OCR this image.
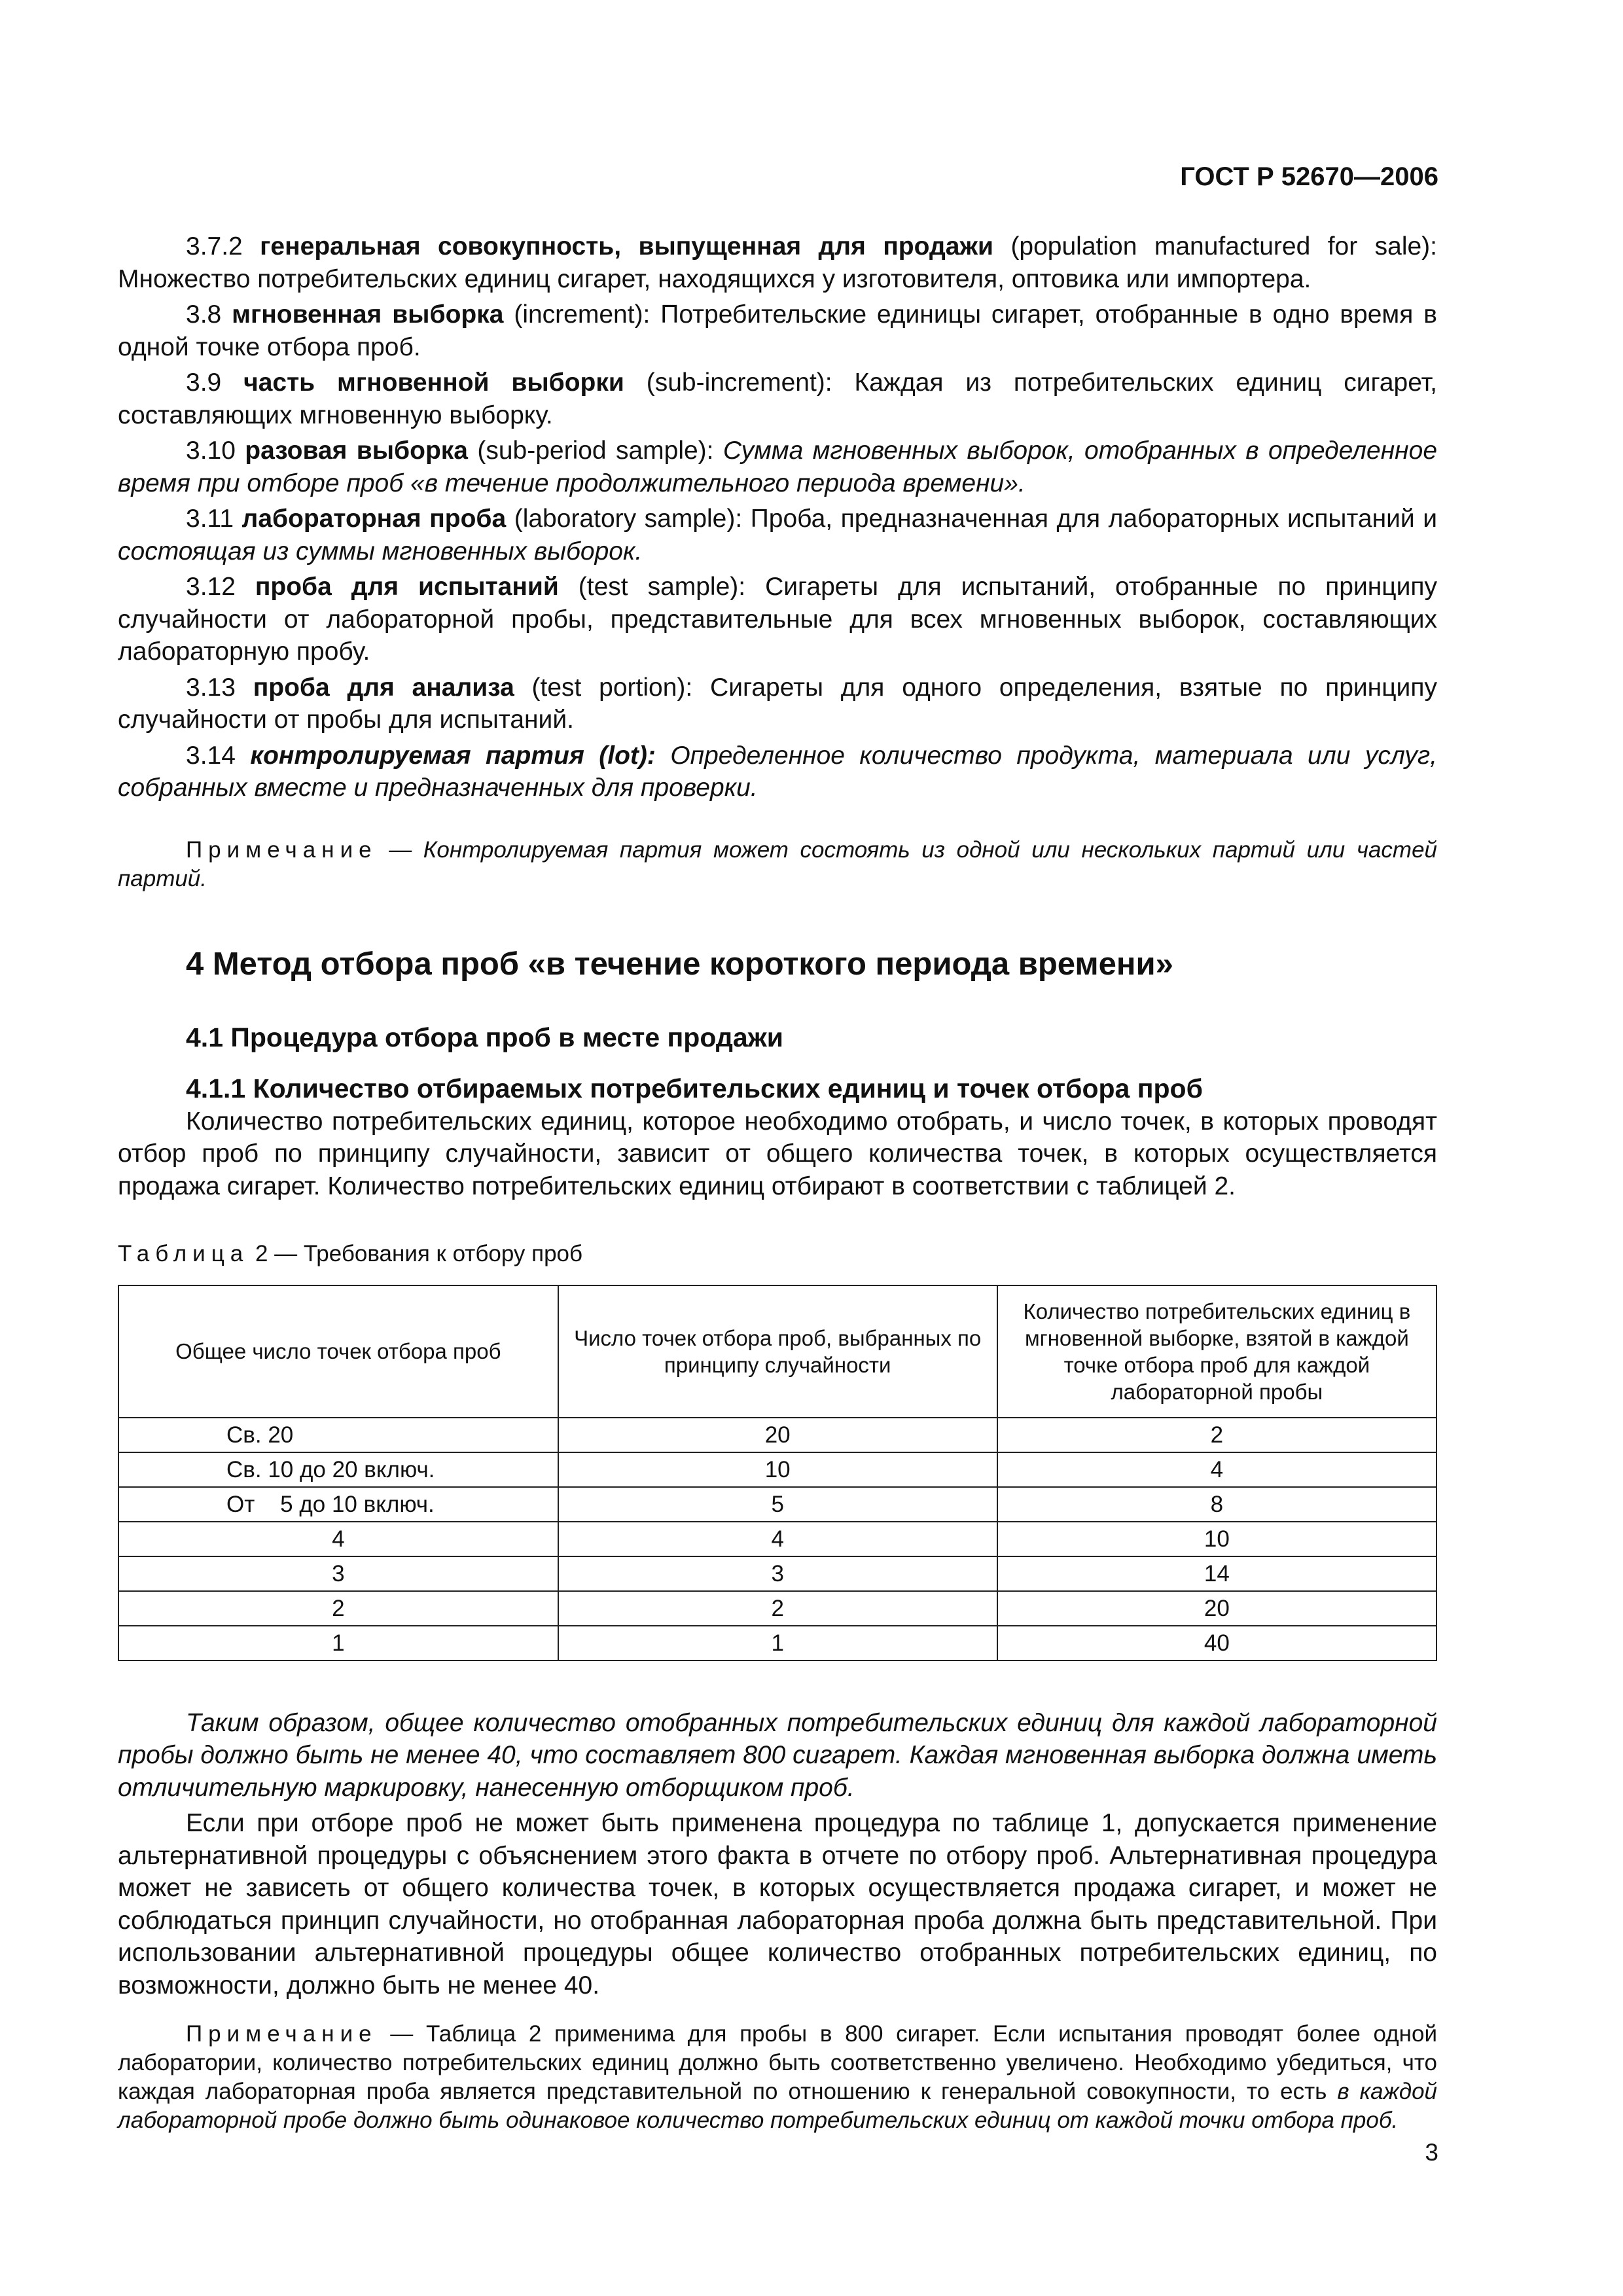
ГОСТ Р 52670—2006
3.7.2 генеральная совокупность, выпущенная для продажи (population manufactured for sale): Множество потребительских единиц сигарет, находящихся у изготовителя, оптовика или импортера.
3.8 мгновенная выборка (increment): Потребительские единицы сигарет, отобранные в одно время в одной точке отбора проб.
3.9 часть мгновенной выборки (sub-increment): Каждая из потребительских единиц сигарет, составляющих мгновенную выборку.
3.10 разовая выборка (sub-period sample): Сумма мгновенных выборок, отобранных в определенное время при отборе проб «в течение продолжительного периода времени».
3.11 лабораторная проба (laboratory sample): Проба, предназначенная для лабораторных испытаний и состоящая из суммы мгновенных выборок.
3.12 проба для испытаний (test sample): Сигареты для испытаний, отобранные по принципу случайности от лабораторной пробы, представительные для всех мгновенных выборок, составляющих лабораторную пробу.
3.13 проба для анализа (test portion): Сигареты для одного определения, взятые по принципу случайности от пробы для испытаний.
3.14 контролируемая партия (lot): Определенное количество продукта, материала или услуг, собранных вместе и предназначенных для проверки.
Примечание — Контролируемая партия может состоять из одной или нескольких партий или частей партий.
4 Метод отбора проб «в течение короткого периода времени»
4.1 Процедура отбора проб в месте продажи
4.1.1 Количество отбираемых потребительских единиц и точек отбора проб
Количество потребительских единиц, которое необходимо отобрать, и число точек, в которых проводят отбор проб по принципу случайности, зависит от общего количества точек, в которых осуществляется продажа сигарет. Количество потребительских единиц отбирают в соответствии с таблицей 2.
Таблица 2 — Требования к отбору проб
Общее число точек отбора проб	Число точек отбора проб, выбранных по принципу случайности	Количество потребительских единиц в мгновенной выборке, взятой в каждой точке отбора проб для каждой лабораторной пробы
Св. 20	20	2
Св. 10 до 20 включ.	10	4
От    5 до 10 включ.	5	8
4	4	10
3	3	14
2	2	20
1	1	40
Таким образом, общее количество отобранных потребительских единиц для каждой лабораторной пробы должно быть не менее 40, что составляет 800 сигарет. Каждая мгновенная выборка должна иметь отличительную маркировку, нанесенную отборщиком проб.
Если при отборе проб не может быть применена процедура по таблице 1, допускается применение альтернативной процедуры с объяснением этого факта в отчете по отбору проб. Альтернативная процедура может не зависеть от общего количества точек, в которых осуществляется продажа сигарет, и может не соблюдаться принцип случайности, но отобранная лабораторная проба должна быть представительной. При использовании альтернативной процедуры общее количество отобранных потребительских единиц, по возможности, должно быть не менее 40.
Примечание — Таблица 2 применима для пробы в 800 сигарет. Если испытания проводят более одной лаборатории, количество потребительских единиц должно быть соответственно увеличено. Необходимо убедиться, что каждая лабораторная проба является представительной по отношению к генеральной совокупности, то есть в каждой лабораторной пробе должно быть одинаковое количество потребительских единиц от каждой точки отбора проб.
3
